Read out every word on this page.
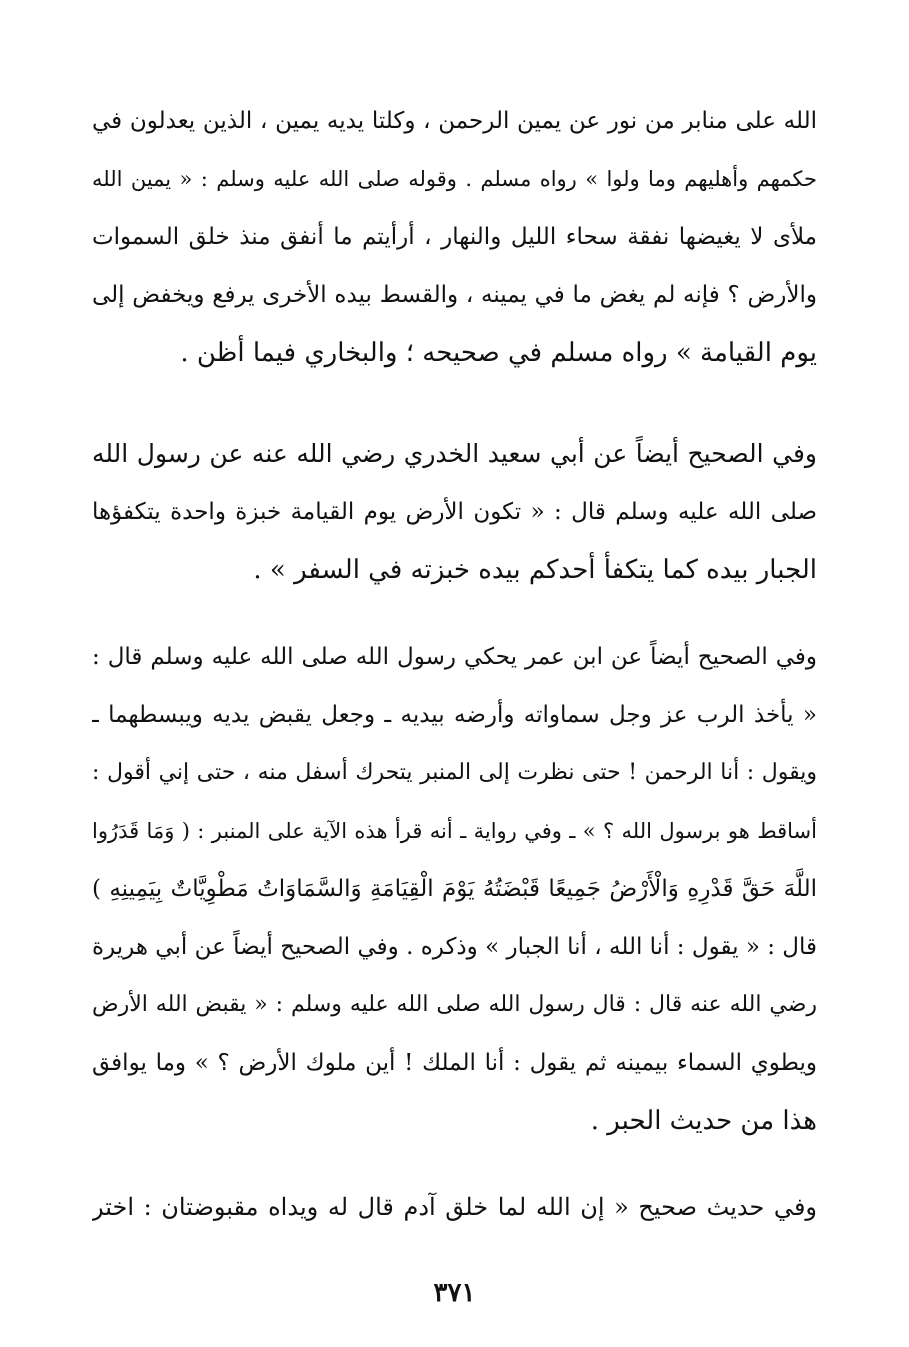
الله على منابر من نور عن يمين الرحمن ، وكلتا يديه يمين ، الذين يعدلون في
حكمهم وأهليهم وما ولوا » رواه مسلم . وقوله صلى الله عليه وسلم : « يمين الله
ملأى لا يغيضها نفقة سحاء الليل والنهار ، أرأيتم ما أنفق منذ خلق السموات
والأرض ؟ فإنه لم يغض ما في يمينه ، والقسط بيده الأخرى يرفع ويخفض إلى
يوم القيامة » رواه مسلم في صحيحه ؛ والبخاري فيما أظن .
وفي الصحيح أيضاً عن أبي سعيد الخدري رضي الله عنه عن رسول الله
صلى الله عليه وسلم قال : « تكون الأرض يوم القيامة خبزة واحدة يتكفؤها
الجبار بيده كما يتكفأ أحدكم بيده خبزته في السفر » .
وفي الصحيح أيضاً عن ابن عمر يحكي رسول الله صلى الله عليه وسلم قال :
« يأخذ الرب عز وجل سماواته وأرضه بيديه ـ وجعل يقبض يديه ويبسطهما ـ
ويقول : أنا الرحمن ! حتى نظرت إلى المنبر يتحرك أسفل منه ، حتى إني أقول :
أساقط هو برسول الله ؟ » ـ وفي رواية ـ أنه قرأ هذه الآية على المنبر : ( وَمَا قَدَرُوا
اللَّهَ حَقَّ قَدْرِهِ وَالْأَرْضُ جَمِيعًا قَبْضَتُهُ يَوْمَ الْقِيَامَةِ وَالسَّمَاوَاتُ مَطْوِيَّاتٌ بِيَمِينِهِ )
قال : « يقول : أنا الله ، أنا الجبار » وذكره . وفي الصحيح أيضاً عن أبي هريرة
رضي الله عنه قال : قال رسول الله صلى الله عليه وسلم : « يقبض الله الأرض
ويطوي السماء بيمينه ثم يقول : أنا الملك ! أين ملوك الأرض ؟ » وما يوافق
هذا من حديث الحبر .
وفي حديث صحيح « إن الله لما خلق آدم قال له ويداه مقبوضتان : اختر
٣٧١
